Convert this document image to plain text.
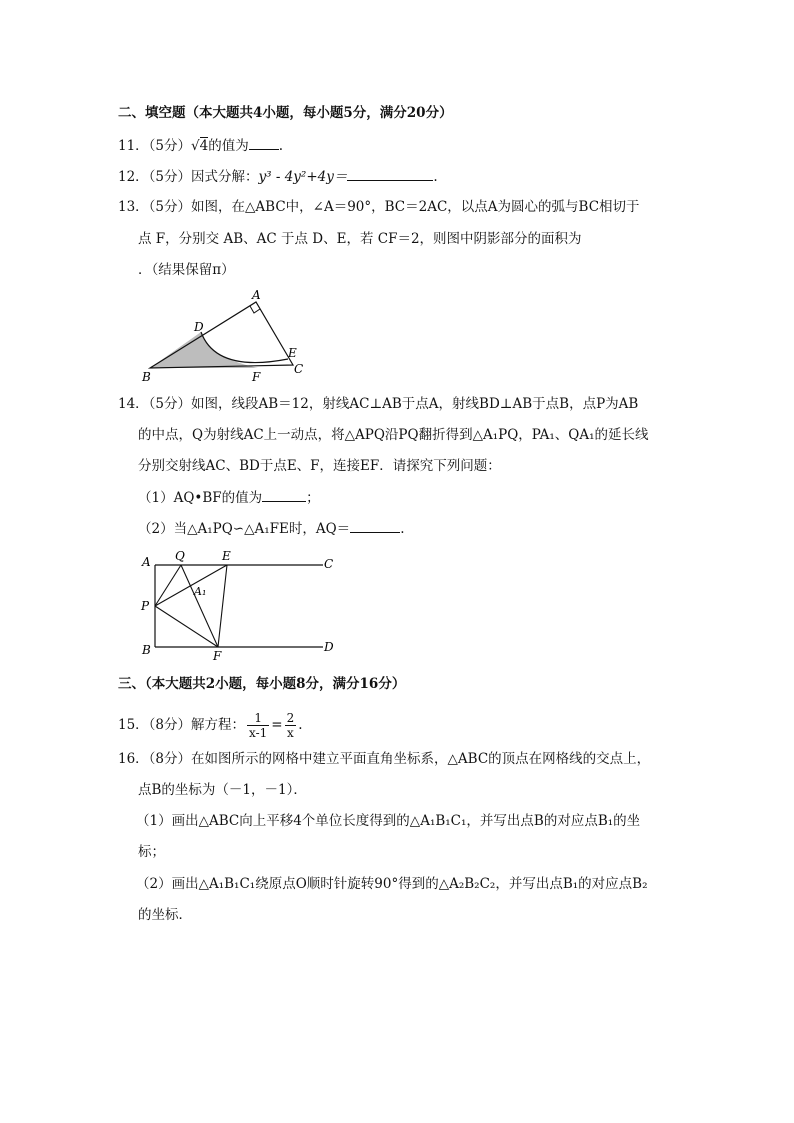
二、填空题（本大题共4小题，每小题5分，满分20分）
11．（5分）√4的值为 .
12．（5分）因式分解：y³ - 4y²+4y＝	.
13．（5分）如图，在△ABC中，∠A＝90°，BC＝2AC，以点A为圆心的弧与BC相切于
点 F，分别交 AB、AC 于点 D、E，若 CF＝2，则图中阴影部分的面积为
．（结果保留π）
A
D
E
B	F
C
14．（5分）如图，线段AB＝12，射线AC⊥AB于点A，射线BD⊥AB于点B，点P为AB
的中点，Q为射线AC上一动点，将△APQ沿PQ翻折得到△A₁PQ，PA₁、QA₁的延长线
分别交射线AC、BD于点E、F，连接EF．请探究下列问题：
（1）AQ•BF的值为	；
（2）当△A₁PQ∽△A₁FE时，AQ＝	.
A Q	E
C
A₁
P
B	F
D
三、（本大题共2小题，每小题8分，满分16分）
15．（8分）解方程： $\frac{1}{x-1} = \frac{2}{x}$ .
16．（8分）在如图所示的网格中建立平面直角坐标系，△ABC的顶点在网格线的交点上，
点B的坐标为（－1，－1）．
（1）画出△ABC向上平移4个单位长度得到的△A₁B₁C₁，并写出点B的对应点B₁的坐
标；
（2）画出△A₁B₁C₁绕原点O顺时针旋转90°得到的△A₂B₂C₂，并写出点B₁的对应点B₂
的坐标．
